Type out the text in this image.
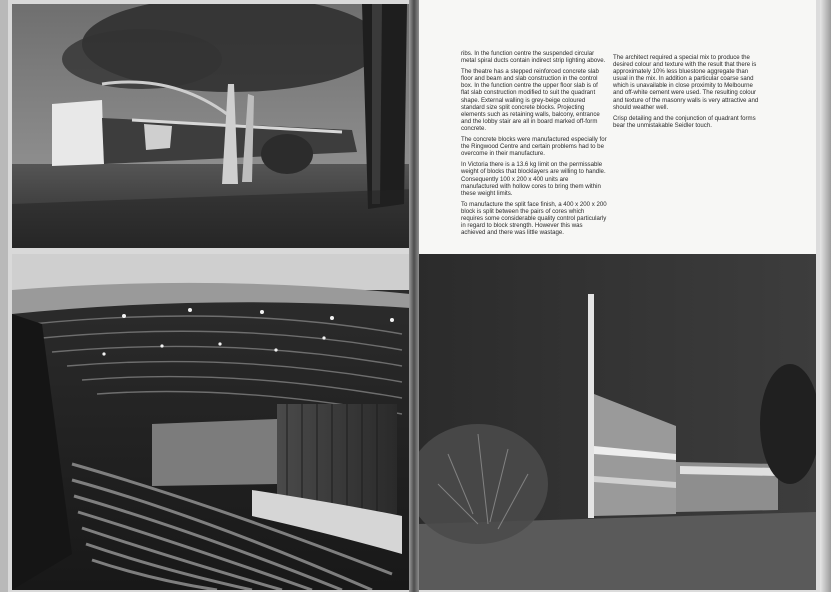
ribs. In the function centre the suspended circular metal spiral ducts contain indirect strip lighting above.

The theatre has a stepped reinforced concrete slab floor and beam and slab construction in the control box. In the function centre the upper floor slab is of flat slab construction modified to suit the quadrant shape. External walling is grey-beige coloured standard size split concrete blocks. Projecting elements such as retaining walls, balcony, entrance and the lobby stair are all in board marked off-form concrete.

The concrete blocks were manufactured especially for the Ringwood Centre and certain problems had to be overcome in their manufacture.

In Victoria there is a 13.6 kg limit on the permissable weight of blocks that blocklayers are willing to handle. Consequently 100 x 200 x 400 units are manufactured with hollow cores to bring them within these weight limits.

To manufacture the split face finish, a 400 x 200 x 200 block is split between the pairs of cores which requires some considerable quality control particularly in regard to block strength. However this was achieved and there was little wastage.

The architect required a special mix to produce the desired colour and texture with the result that there is approximately 10% less bluestone aggregate than usual in the mix. In addition a particular coarse sand which is unavailable in close proximity to Melbourne and off-white cement were used. The resulting colour and texture of the masonry walls is very attractive and should weather well.

Crisp detailing and the conjunction of quadrant forms bear the unmistakable Seidler touch.
